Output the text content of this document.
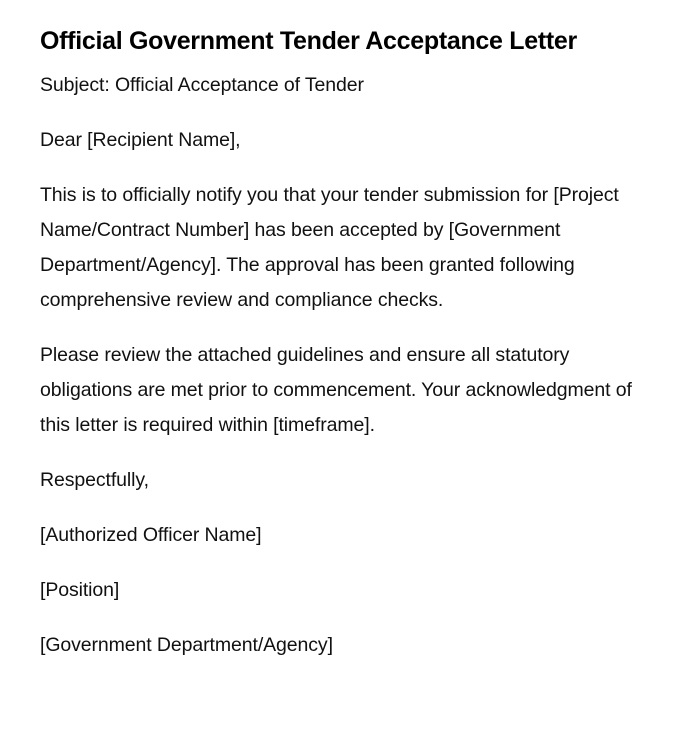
Official Government Tender Acceptance Letter

Subject: Official Acceptance of Tender

Dear [Recipient Name],

This is to officially notify you that your tender submission for [Project Name/Contract Number] has been accepted by [Government Department/Agency]. The approval has been granted following comprehensive review and compliance checks.

Please review the attached guidelines and ensure all statutory obligations are met prior to commencement. Your acknowledgment of this letter is required within [timeframe].

Respectfully,

[Authorized Officer Name]

[Position]

[Government Department/Agency]
